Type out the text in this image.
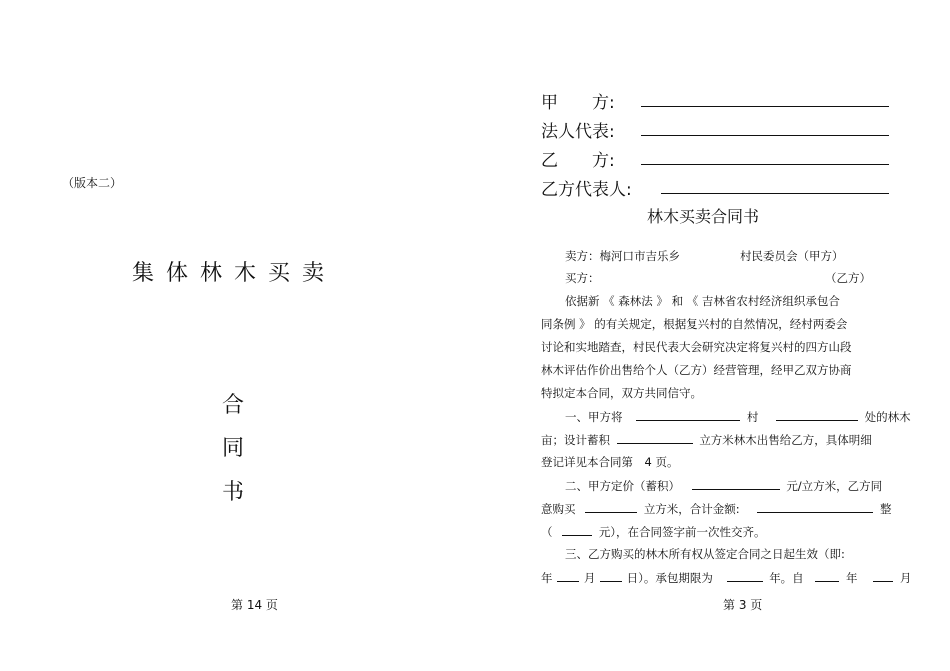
（版本二）
集体林木买卖
合
同
书
第 14 页
甲　　方:
法人代表:
乙　　方:
乙方代表人:
林木买卖合同书
卖方：梅河口市吉乐乡	村民委员会（甲方）
买方：	（乙方）
依据新 《 森林法 》 和 《 吉林省农村经济组织承包合
同条例 》 的有关规定，根据复兴村的自然情况，经村两委会
讨论和实地踏查，村民代表大会研究决定将复兴村的四方山段
林木评估作价出售给个人（乙方）经营管理，经甲乙双方协商
特拟定本合同，双方共同信守。
一、甲方将	村	处的林木
亩；设计蓄积	立方米林木出售给乙方，具体明细
登记详见本合同第　4 页。
二、甲方定价（蓄积）	元/立方米，乙方同
意购买	立方米，合计金额:	整
（	元），在合同签字前一次性交齐。
三、乙方购买的林木所有权从签定合同之日起生效（即:
年	月	日）。承包期限为	年。自	年	月
第 3 页
